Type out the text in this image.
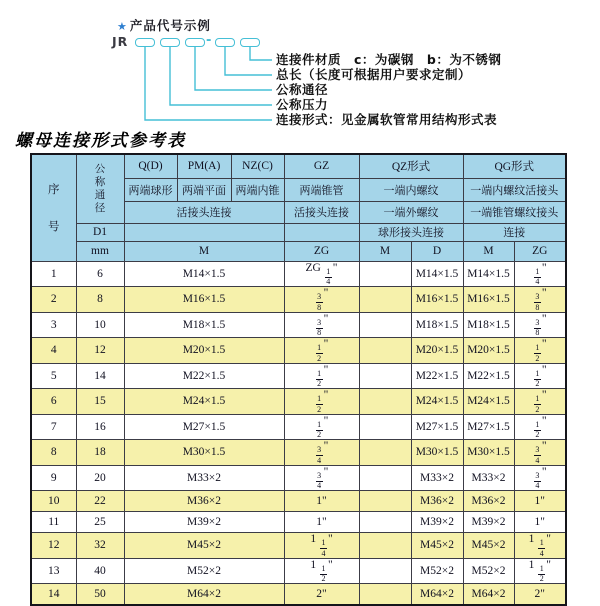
★ 产品代号示例
JR	-
连接件材质　c：为碳钢　b：为不锈钢
总长（长度可根据用户要求定制）
公称通径
公称压力
连接形式：见金属软管常用结构形式表
螺母连接形式参考表
序
号

公
称
通
径
	Q(D)	PM(A)	NZ(C)	GZ	QZ形式	QG形式
		两端球形	两端平面	两端内锥	两端锥管	一端内螺纹		一端内螺纹活接头	
		活接头连接			活接头连接	一端外螺纹		一端锥管螺纹接头	
	D1					球形接头连接		连接	
	mm	M			ZG	M	D	M	ZG
1	6	M14×1.5			ZG $\frac{1}{4}$ "		M14×1.5	M14×1.5	$\frac{1}{4}$ "
2	8	M16×1.5			$\frac{3}{8}$ "		M16×1.5	M16×1.5	$\frac{3}{8}$ "
3	10	M18×1.5			$\frac{3}{8}$ "		M18×1.5	M18×1.5	$\frac{3}{8}$ "
4	12	M20×1.5			$\frac{1}{2}$ "		M20×1.5	M20×1.5	$\frac{1}{2}$ "
5	14	M22×1.5			$\frac{1}{2}$ "		M22×1.5	M22×1.5	$\frac{1}{2}$ "
6	15	M24×1.5			$\frac{1}{2}$ "		M24×1.5	M24×1.5	$\frac{1}{2}$ "
7	16	M27×1.5			$\frac{1}{2}$ "		M27×1.5	M27×1.5	$\frac{1}{2}$ "
8	18	M30×1.5			$\frac{3}{4}$ "		M30×1.5	M30×1.5	$\frac{3}{4}$ "
9	20	M33×2			$\frac{3}{4}$ "		M33×2	M33×2	$\frac{3}{4}$ "
10	22	M36×2			1"		M36×2	M36×2	1"
11	25	M39×2			1"		M39×2	M39×2	1"
12	32	M45×2			$1 \frac{1}{4}$ "		M45×2	M45×2	$1 \frac{1}{4}$ "
13	40	M52×2			$1 \frac{1}{2}$ "		M52×2	M52×2	$1 \frac{1}{2}$ "
14	50	M64×2			2"		M64×2	M64×2	2"
